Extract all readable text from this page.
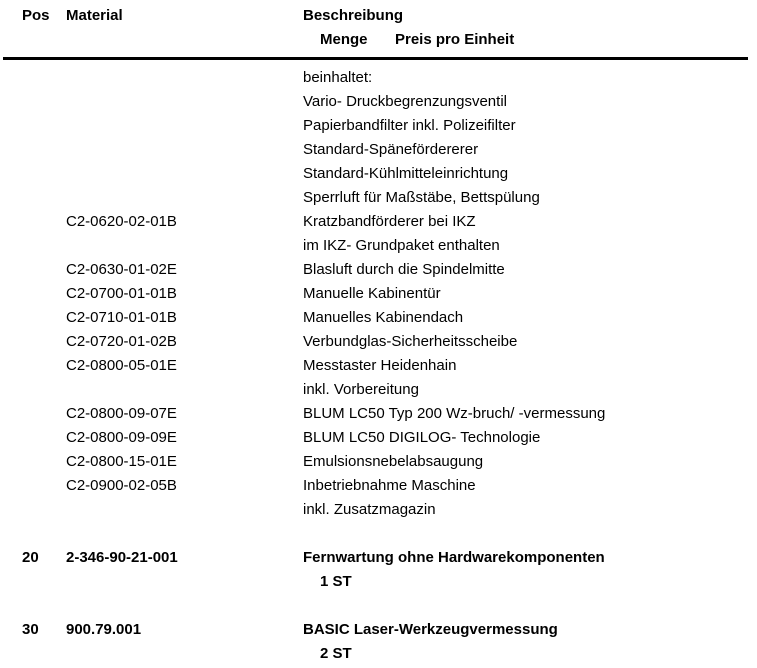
Pos	Material	Beschreibung
Menge	Preis pro Einheit
beinhaltet:
Vario- Druckbegrenzungsventil
Papierbandfilter inkl. Polizeifilter
Standard-Spänefördererer
Standard-Kühlmitteleinrichtung
Sperrluft für Maßstäbe, Bettspülung
C2-0620-02-01B	Kratzbandförderer bei IKZ
im IKZ- Grundpaket enthalten
C2-0630-01-02E	Blasluft durch die Spindelmitte
C2-0700-01-01B	Manuelle Kabinentür
C2-0710-01-01B	Manuelles Kabinendach
C2-0720-01-02B	Verbundglas-Sicherheitsscheibe
C2-0800-05-01E	Messtaster Heidenhain
inkl. Vorbereitung
C2-0800-09-07E	BLUM LC50 Typ 200 Wz-bruch/ -vermessung
C2-0800-09-09E	BLUM LC50 DIGILOG- Technologie
C2-0800-15-01E	Emulsionsnebelabsaugung
C2-0900-02-05B	Inbetriebnahme Maschine
inkl. Zusatzmagazin
20	2-346-90-21-001	Fernwartung ohne Hardwarekomponenten
1 ST
30	900.79.001	BASIC Laser-Werkzeugvermessung
2 ST
